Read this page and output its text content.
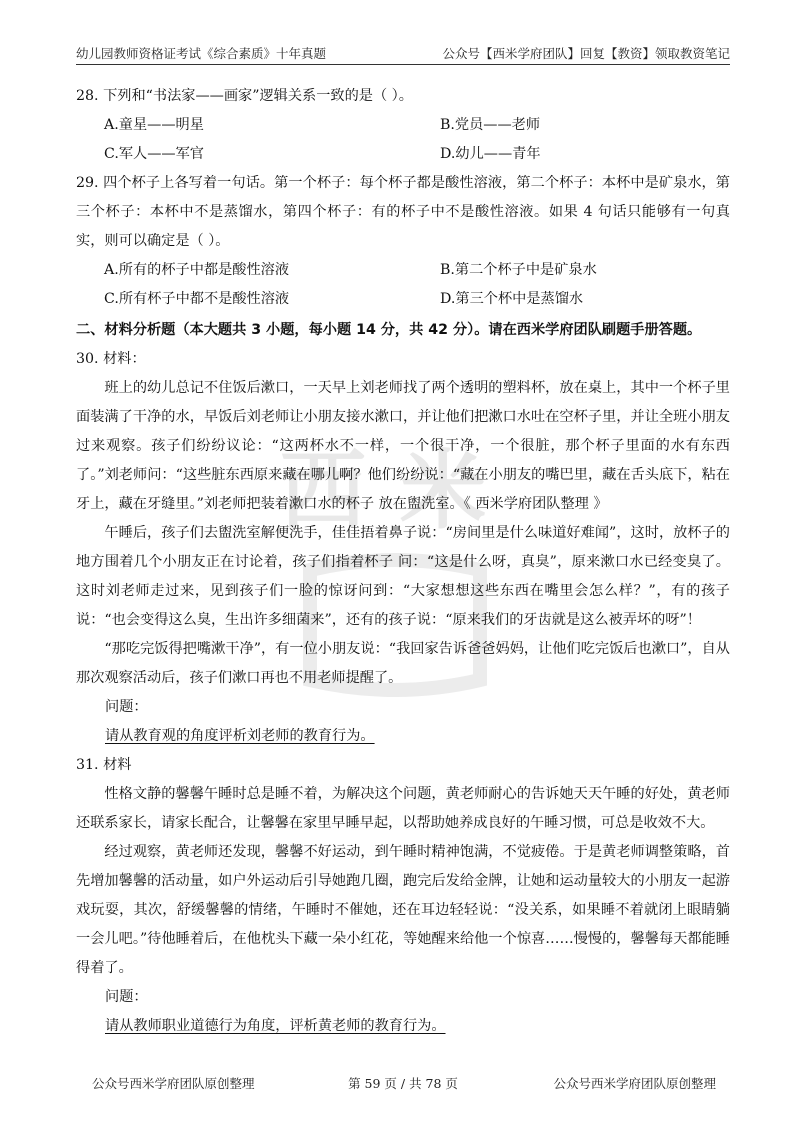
幼儿园教师资格证考试《综合素质》十年真题	公众号【西米学府团队】回复【教资】领取教资笔记
西 米

28. 下列和“书法家——画家”逻辑关系一致的是（ ）。

A.童星——明星	B.党员——老师
C.军人——军官	D.幼儿——青年

29. 四个杯子上各写着一句话。第一个杯子：每个杯子都是酸性溶液，第二个杯子：本杯中是矿泉水，第三个杯子：本杯中不是蒸馏水，第四个杯子：有的杯子中不是酸性溶液。如果 4 句话只能够有一句真实，则可以确定是（ ）。

A.所有的杯子中都是酸性溶液	B.第二个杯子中是矿泉水
C.所有杯子中都不是酸性溶液	D.第三个杯中是蒸馏水

二、材料分析题（本大题共 3 小题，每小题 14 分，共 42 分）。请在西米学府团队刷题手册答题。

30. 材料：

班上的幼儿总记不住饭后漱口，一天早上刘老师找了两个透明的塑料杯，放在桌上，其中一个杯子里面装满了干净的水，早饭后刘老师让小朋友接水漱口，并让他们把漱口水吐在空杯子里，并让全班小朋友过来观察。孩子们纷纷议论：“这两杯水不一样，一个很干净，一个很脏，那个杯子里面的水有东西了。”刘老师问：“这些脏东西原来藏在哪儿啊？他们纷纷说：“藏在小朋友的嘴巴里，藏在舌头底下，粘在牙上，藏在牙缝里。”刘老师把装着漱口水的杯子 放在盥洗室。《 西米学府团队整理 》

午睡后，孩子们去盥洗室解便洗手，佳佳捂着鼻子说：“房间里是什么味道好难闻”，这时，放杯子的地方围着几个小朋友正在讨论着，孩子们指着杯子 问：“这是什么呀，真臭”，原来漱口水已经变臭了。这时刘老师走过来，见到孩子们一脸的惊讶问到：“大家想想这些东西在嘴里会怎么样？”，有的孩子说：“也会变得这么臭，生出许多细菌来”，还有的孩子说：“原来我们的牙齿就是这么被弄坏的呀”！

“那吃完饭得把嘴漱干净”，有一位小朋友说：“我回家告诉爸爸妈妈，让他们吃完饭后也漱口”，自从那次观察活动后，孩子们漱口再也不用老师提醒了。

问题：

请从教育观的角度评析刘老师的教育行为。

31. 材料

性格文静的馨馨午睡时总是睡不着，为解决这个问题，黄老师耐心的告诉她天天午睡的好处，黄老师还联系家长，请家长配合，让馨馨在家里早睡早起，以帮助她养成良好的午睡习惯，可总是收效不大。

经过观察，黄老师还发现，馨馨不好运动，到午睡时精神饱满，不觉疲倦。于是黄老师调整策略，首先增加馨馨的活动量，如户外运动后引导她跑几圈，跑完后发给金牌，让她和运动量较大的小朋友一起游戏玩耍，其次，舒缓馨馨的情绪，午睡时不催她，还在耳边轻轻说：“没关系，如果睡不着就闭上眼睛躺一会儿吧。”待他睡着后，在他枕头下藏一朵小红花，等她醒来给他一个惊喜……慢慢的，馨馨每天都能睡得着了。

问题：

请从教师职业道德行为角度，评析黄老师的教育行为。

公众号西米学府团队原创整理	第 59 页 / 共 78 页	公众号西米学府团队原创整理
